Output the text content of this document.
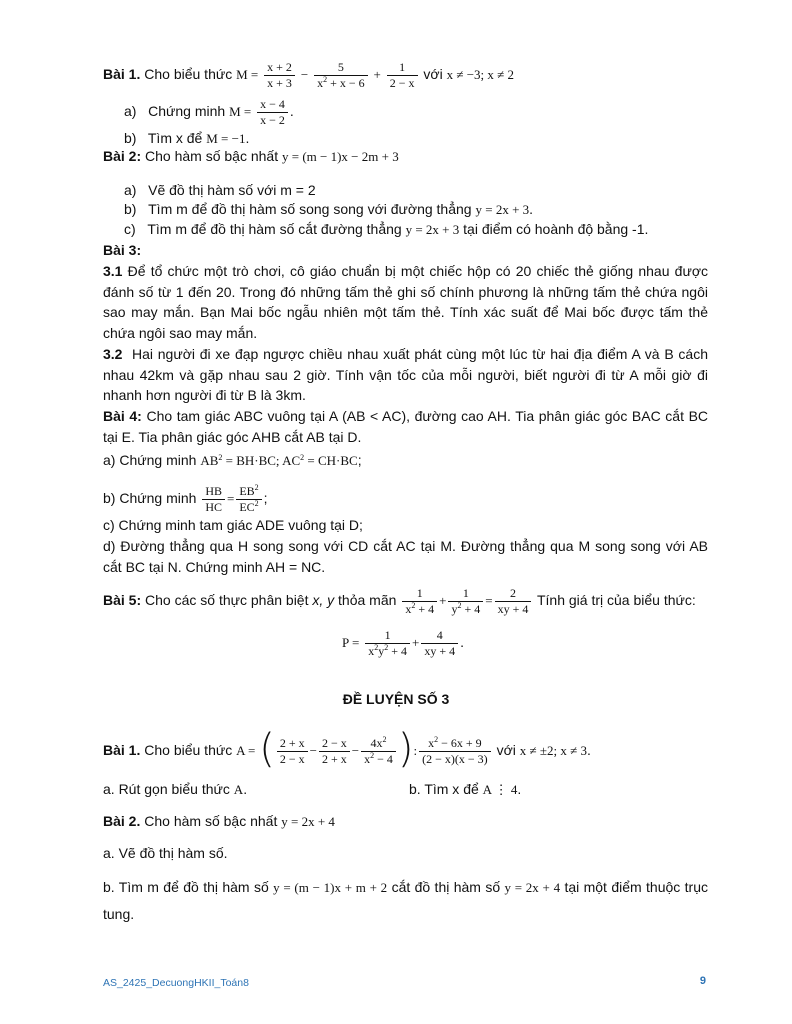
Bài 1. Cho biểu thức $M = \frac{x + 2}{x + 3} - \frac{5}{x^2 + x - 6} + \frac{1}{2 - x}$ với x ≠ −3; x ≠ 2
a) Chứng minh $M = \frac{x - 4}{x - 2}$ .
b) Tìm x để M = −1.
Bài 2: Cho hàm số bậc nhất y = (m − 1)x − 2m + 3
a) Vẽ đồ thị hàm số với m = 2
b) Tìm m để đồ thị hàm số song song với đường thẳng y = 2x + 3.
c) Tìm m để đồ thị hàm số cắt đường thẳng y = 2x + 3 tại điểm có hoành độ bằng -1.
Bài 3:
3.1 Để tổ chức một trò chơi, cô giáo chuẩn bị một chiếc hộp có 20 chiếc thẻ giống nhau được đánh số từ 1 đến 20. Trong đó những tấm thẻ ghi số chính phương là những tấm thẻ chứa ngôi sao may mắn. Bạn Mai bốc ngẫu nhiên một tấm thẻ. Tính xác suất để Mai bốc được tấm thẻ chứa ngôi sao may mắn.
3.2 Hai người đi xe đạp ngược chiều nhau xuất phát cùng một lúc từ hai địa điểm A và B cách nhau 42km và gặp nhau sau 2 giờ. Tính vận tốc của mỗi người, biết người đi từ A mỗi giờ đi nhanh hơn người đi từ B là 3km.
Bài 4: Cho tam giác ABC vuông tại A (AB < AC), đường cao AH. Tia phân giác góc BAC cắt BC tại E. Tia phân giác góc AHB cắt AB tại D.
a) Chứng minh $AB^2 = BH\cdot BC$; $AC^2 = CH\cdot BC$;
b) Chứng minh $\frac{HB}{HC} = \frac{EB^2}{EC^2}$ ;
c) Chứng minh tam giác ADE vuông tại D;
d) Đường thẳng qua H song song với CD cắt AC tại M. Đường thẳng qua M song song với AB cắt BC tại N. Chứng minh AH = NC.
Bài 5: Cho các số thực phân biệt x, y thỏa mãn $\frac{1}{x^2 + 4} + \frac{1}{y^2 + 4} = \frac{2}{xy + 4}$ Tính giá trị của biểu thức:
$P = \frac{1}{x^2y^2 + 4} + \frac{4}{xy + 4}$ .
ĐỀ LUYỆN SỐ 3
Bài 1. Cho biểu thức A = ( $\frac{2 + x}{2 - x} - \frac{2 - x}{2 + x} - \frac{4x^2}{x^2 - 4}$ ): $\frac{x^2 - 6x + 9}{(2 - x)(x - 3)}$ với x ≠ ±2; x ≠ 3.
a. Rút gọn biểu thức A.	b. Tìm x để A ⋮ 4.
Bài 2. Cho hàm số bậc nhất y = 2x + 4
a. Vẽ đồ thị hàm số.
b. Tìm m để đồ thị hàm số y = (m − 1)x + m + 2 cắt đồ thị hàm số y = 2x + 4 tại một điểm thuộc trục tung.
AS_2425_DecuongHKII_Toán8	9
